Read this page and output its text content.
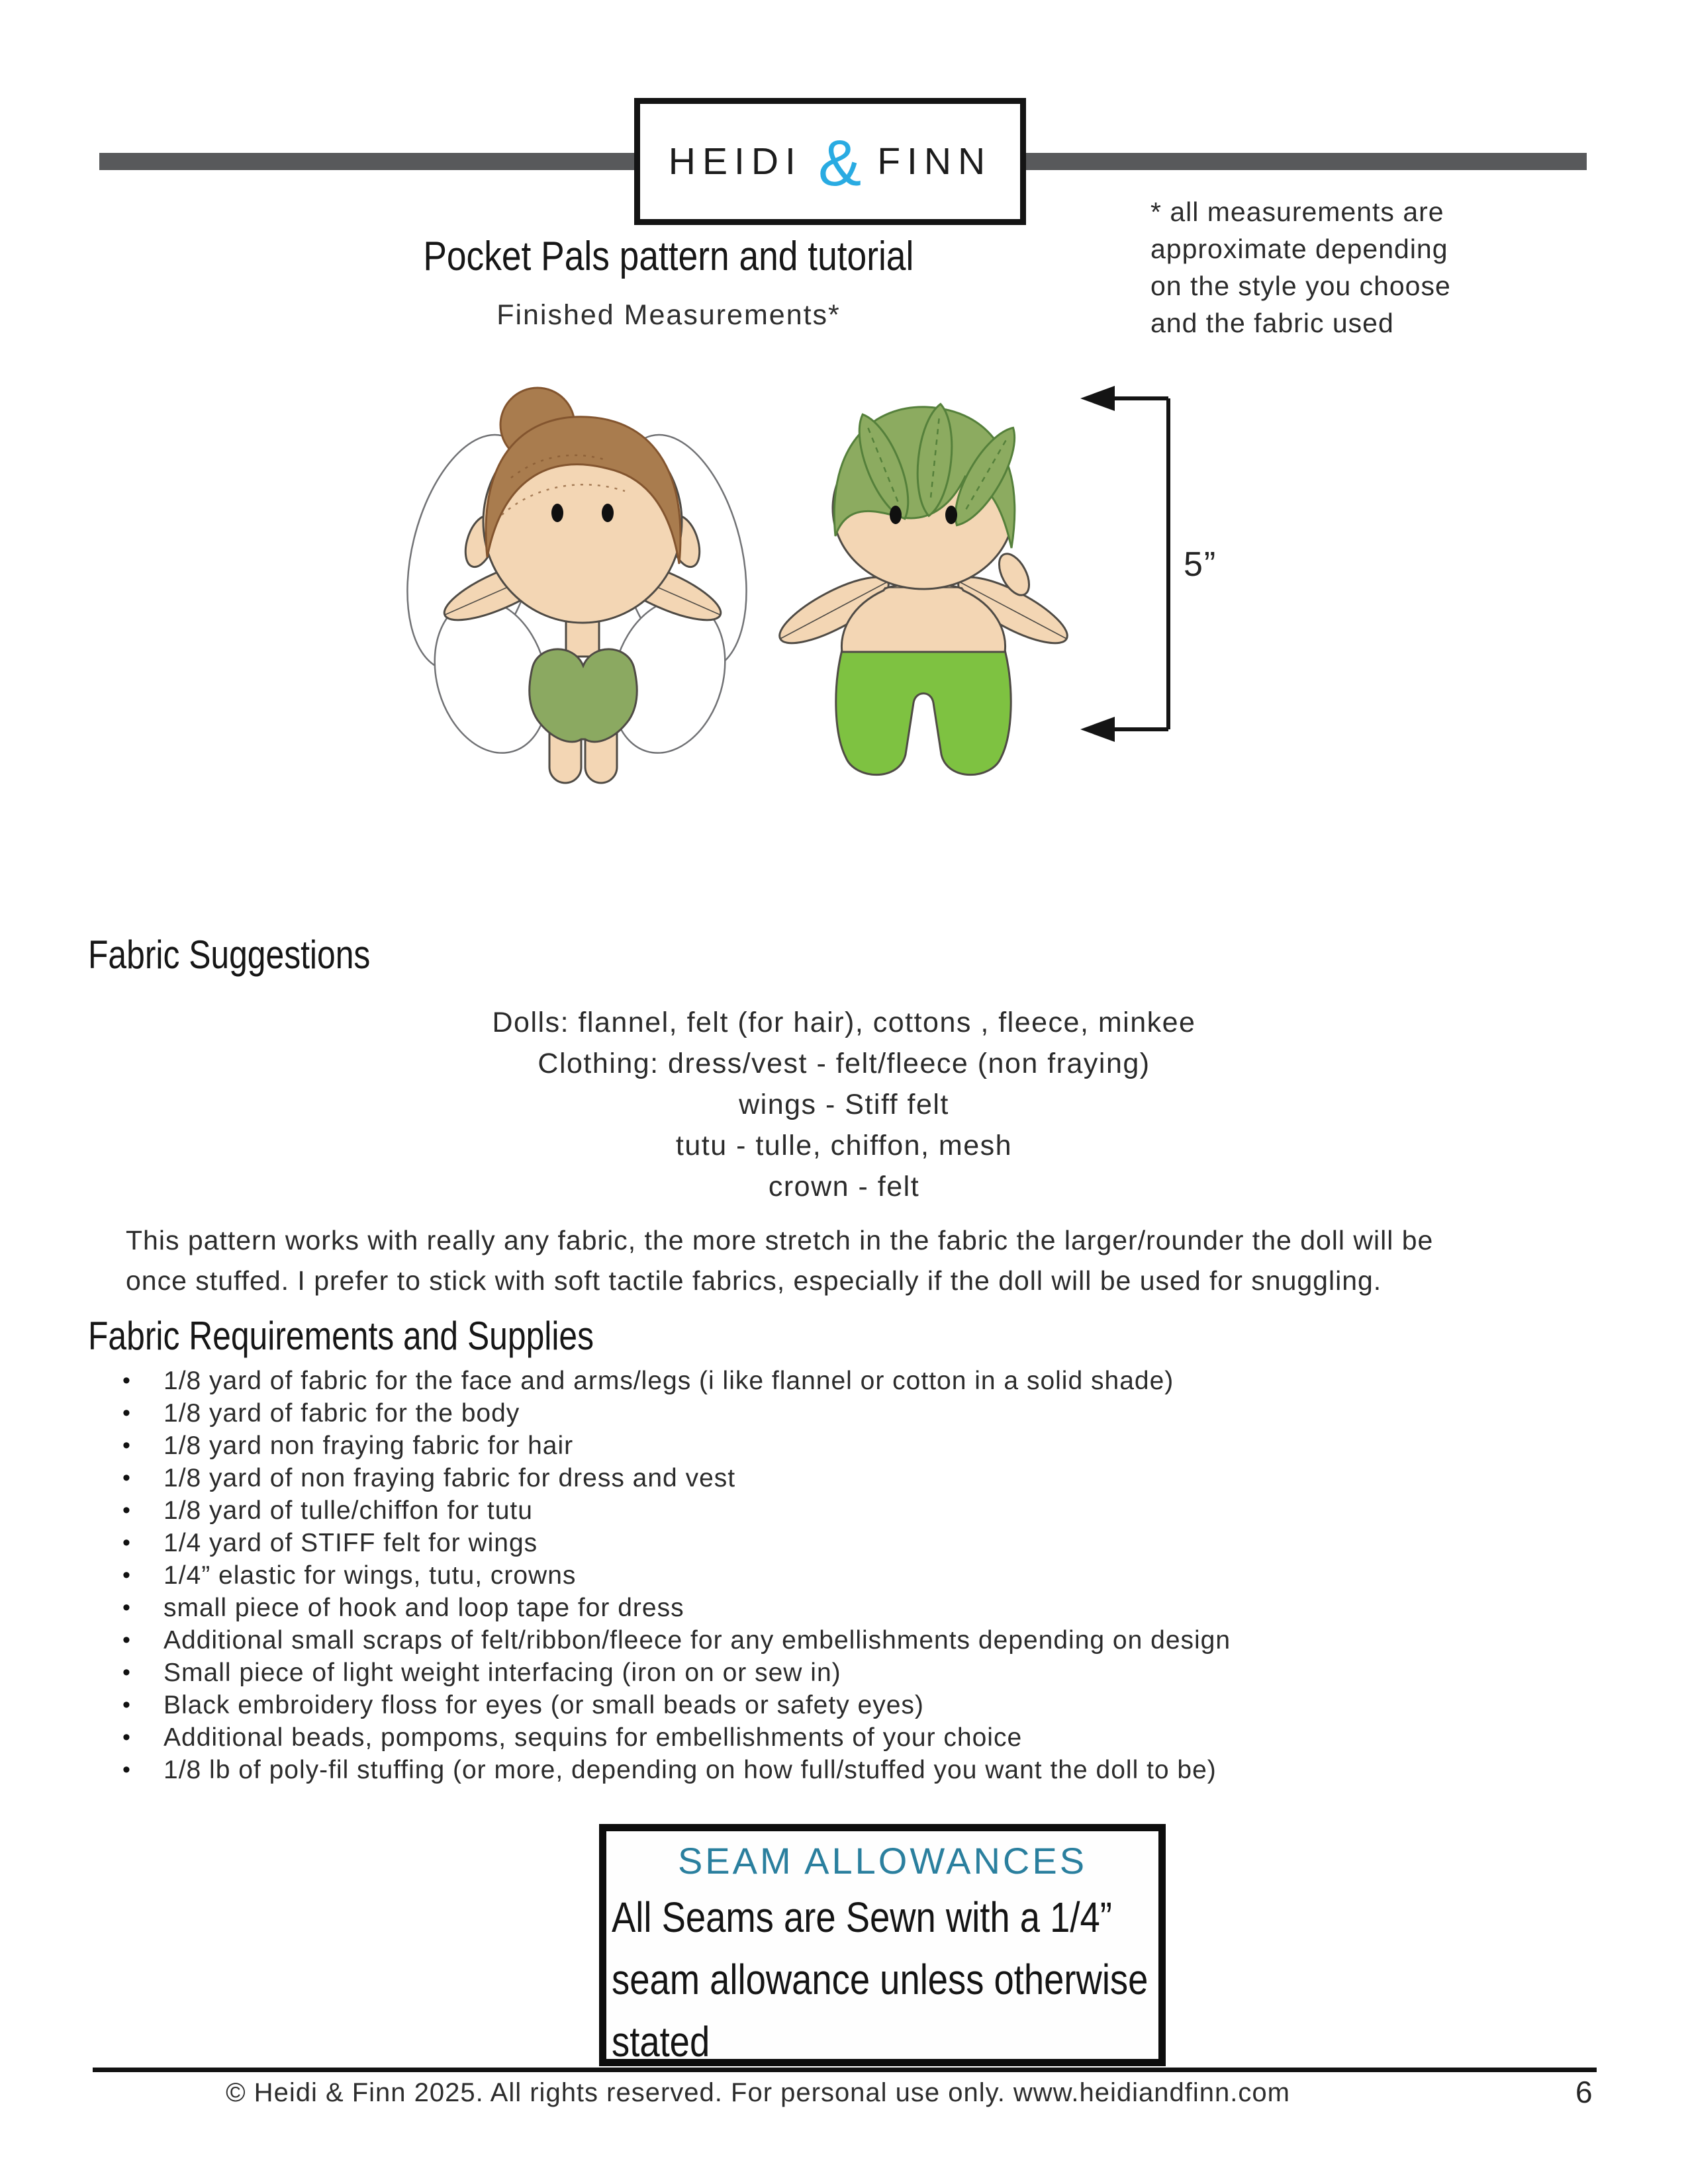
HEIDI & FINN
Pocket Pals pattern and tutorial
Finished Measurements*
* all measurements are
approximate depending
on the style you choose
and the fabric used
5”
Fabric Suggestions
Dolls: flannel, felt (for hair), cottons , fleece, minkee
Clothing: dress/vest - felt/fleece (non fraying)
wings - Stiff felt
tutu - tulle, chiffon, mesh
crown - felt
This pattern works with really any fabric, the more stretch in the fabric the larger/rounder the doll will be
once stuffed. I prefer to stick with soft tactile fabrics, especially if the doll will be used for snuggling.
Fabric Requirements and Supplies
• 1/8 yard of fabric for the face and arms/legs (i like flannel or cotton in a solid shade)
• 1/8 yard of fabric for the body
• 1/8 yard non fraying fabric for hair
• 1/8 yard of non fraying fabric for dress and vest
• 1/8 yard of tulle/chiffon for tutu
• 1/4 yard of STIFF felt for wings
• 1/4” elastic for wings, tutu, crowns
• small piece of hook and loop tape for dress
• Additional small scraps of felt/ribbon/fleece for any embellishments depending on design
• Small piece of light weight interfacing (iron on or sew in)
• Black embroidery floss for eyes (or small beads or safety eyes)
• Additional beads, pompoms, sequins for embellishments of your choice
• 1/8 lb of poly-fil stuffing (or more, depending on how full/stuffed you want the doll to be)
SEAM ALLOWANCES
All Seams are Sewn with a 1/4”
seam allowance unless otherwise
stated
© Heidi & Finn 2025. All rights reserved. For personal use only. www.heidiandfinn.com	6
